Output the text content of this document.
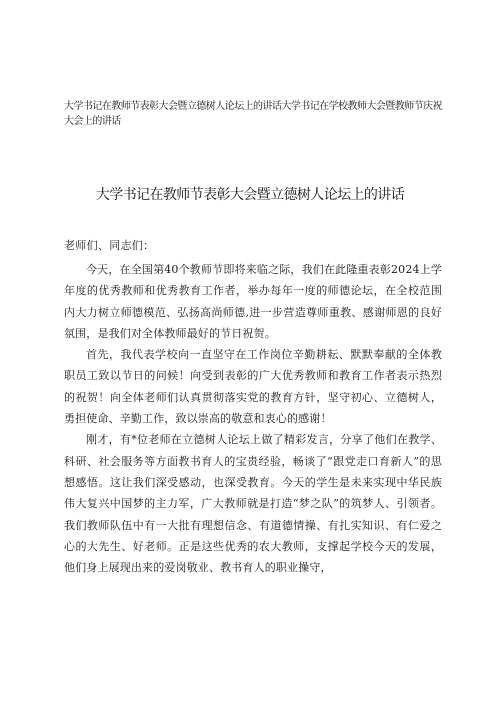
大学书记在教师节表彰大会暨立德树人论坛上的讲话大学书记在学校教师大会暨教师节庆祝大会上的讲话
大学书记在教师节表彰大会暨立德树人论坛上的讲话
老师们、同志们：

今天，在全国第40个教师节即将来临之际，我们在此隆重表彰2024上学年度的优秀教师和优秀教育工作者，举办每年一度的师德论坛，在全校范围内大力树立师德模范、弘扬高尚师德,进一步营造尊师重教、感谢师恩的良好氛围，是我们对全体教师最好的节日祝贺。

首先，我代表学校向一直坚守在工作岗位辛勤耕耘、默默奉献的全体教职员工致以节日的问候！向受到表彰的广大优秀教师和教育工作者表示热烈的祝贺！向全体老师们认真贯彻落实党的教育方针，坚守初心、立德树人，勇担使命、辛勤工作，致以崇高的敬意和衷心的感谢！

刚才，有*位老师在立德树人论坛上做了精彩发言，分享了他们在教学、科研、社会服务等方面教书育人的宝贵经验，畅谈了“跟党走口育新人”的思想感悟。这让我们深受感动，也深受教育。今天的学生是未来实现中华民族伟大复兴中国梦的主力军，广大教师就是打造“梦之队”的筑梦人、引领者。我们教师队伍中有一大批有理想信念、有道德情操、有扎实知识、有仁爱之心的大先生、好老师。正是这些优秀的农大教师，支撑起学校今天的发展，他们身上展现出来的爱岗敬业、教书育人的职业操守，
